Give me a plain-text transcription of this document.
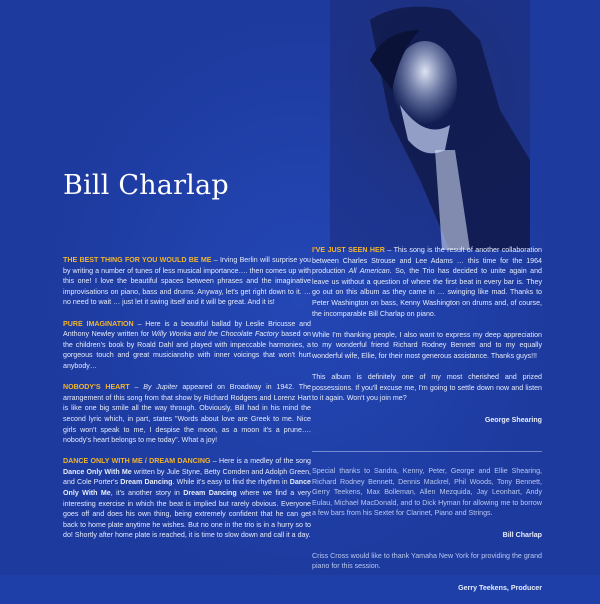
Bill Charlap

THE BEST THING FOR YOU WOULD BE ME – Irving Berlin will surprise you by writing a number of tunes of less musical importance…. then comes up with this one! I love the beautiful spaces between phrases and the imaginative improvisations on piano, bass and drums. Anyway, let's get right down to it. … no need to wait … just let it swing itself and it will be great. And it is!

PURE IMAGINATION – Here is a beautiful ballad by Leslie Bricusse and Anthony Newley written for Willy Wonka and the Chocolate Factory based on the children's book by Roald Dahl and played with impeccable harmonies, a gorgeous touch and great musicianship with inner voicings that won't hurt anybody…

NOBODY'S HEART – By Jupiter appeared on Broadway in 1942. The arrangement of this song from that show by Richard Rodgers and Lorenz Hart is like one big smile all the way through. Obviously, Bill had in his mind the second lyric which, in part, states "Words about love are Greek to me. Nice girls won't speak to me, I despise the moon, as a moon it's a prune…. nobody's heart belongs to me today". What a joy!

DANCE ONLY WITH ME / DREAM DANCING – Here is a medley of the song Dance Only With Me written by Jule Styne, Betty Comden and Adolph Green, and Cole Porter's Dream Dancing. While it's easy to find the rhythm in Dance Only With Me, it's another story in Dream Dancing where we find a very interesting exercise in which the beat is implied but rarely obvious. Everyone goes off and does his own thing, being extremely confident that he can get back to home plate anytime he wishes. But no one in the trio is in a hurry so to do! Shortly after home plate is reached, it is time to slow down and call it a day.

I'VE JUST SEEN HER – This song is the result of another collaboration between Charles Strouse and Lee Adams … this time for the 1964 production All American. So, the Trio has decided to unite again and leave us without a question of where the first beat in every bar is. They go out on this album as they came in … swinging like mad. Thanks to Peter Washington on bass, Kenny Washington on drums and, of course, the incomparable Bill Charlap on piano.

While I'm thanking people, I also want to express my deep appreciation to my wonderful friend Richard Rodney Bennett and to my equally wonderful wife, Ellie, for their most generous assistance. Thanks guys!!!

This album is definitely one of my most cherished and prized possessions. If you'll excuse me, I'm going to settle down now and listen to it again. Won't you join me?

George Shearing

Special thanks to Sandra, Kenny, Peter, George and Ellie Shearing, Richard Rodney Bennett, Dennis Mackrel, Phil Woods, Tony Bennett, Gerry Teekens, Max Bolleman, Allen Mezquida, Jay Leonhart, Andy Eulau, Michael MacDonald, and to Dick Hyman for allowing me to borrow a few bars from his Sextet for Clarinet, Piano and Strings.

Bill Charlap

Criss Cross would like to thank Yamaha New York for providing the grand piano for this session.

Gerry Teekens, Producer
